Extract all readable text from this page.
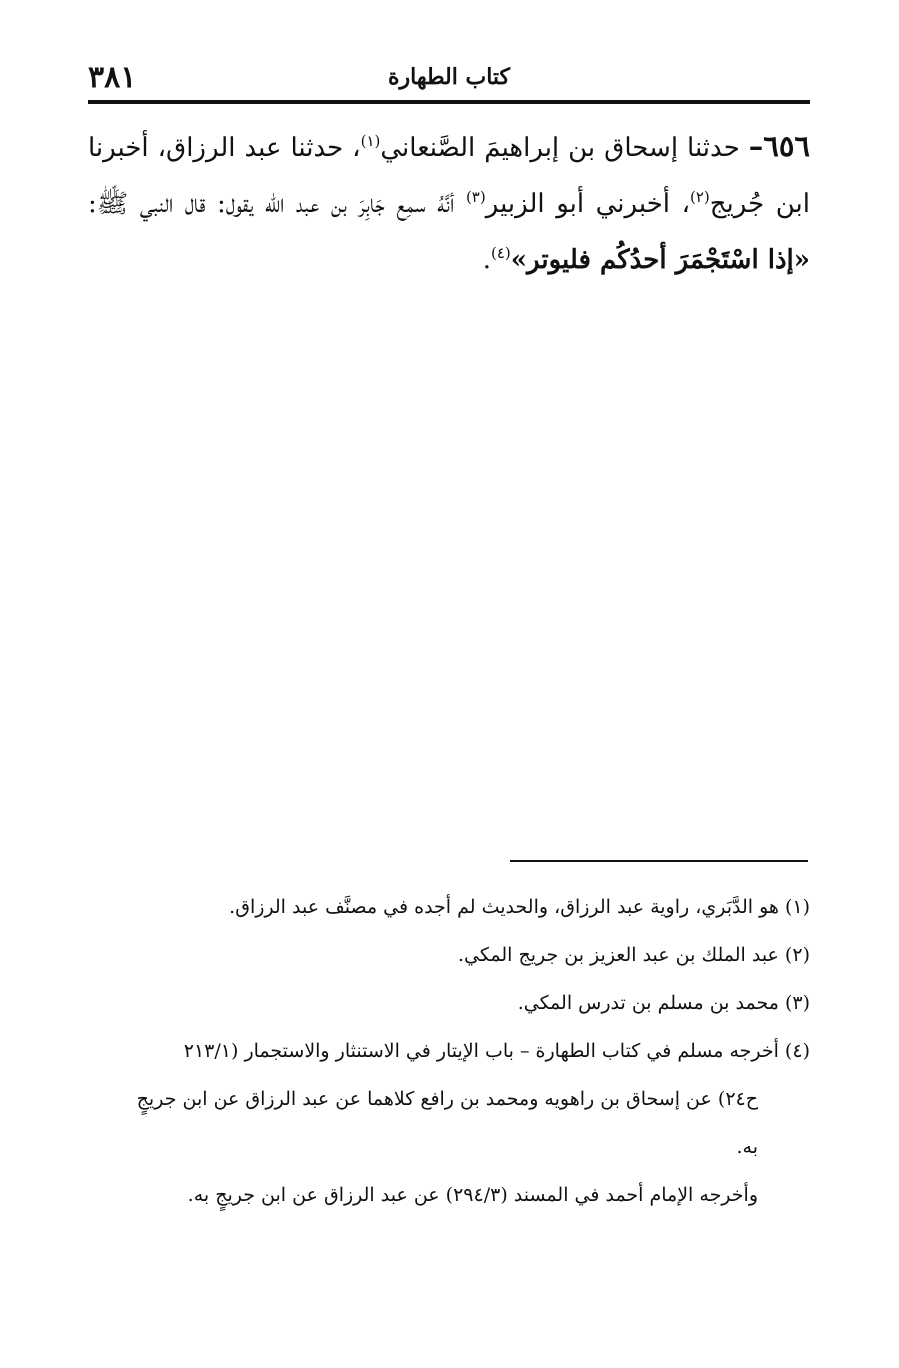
٣٨١	كتاب الطهارة
٦٥٦– حدثنا إسحاق بن إبراهيمَ الصَّنعاني$^{(١)}$، حدثنا عبد الرزاق، أخبرنا ابن جُريج$^{(٢)}$، أخبرني أبو الزبير$^{(٣)}$ أنَّهُ سمِع جَابِرَ بن عبد الله يقول: قال النبي ﷺ: «إذا اسْتَجْمَرَ أحدُكُم فليوتر»$^{(٤)}$.

(١) هو الدَّبَري، راوية عبد الرزاق، والحديث لم أجده في مصنَّف عبد الرزاق.

(٢) عبد الملك بن عبد العزيز بن جريج المكي.

(٣) محمد بن مسلم بن تدرس المكي.

(٤) أخرجه مسلم في كتاب الطهارة – باب الإيتار في الاستنثار والاستجمار (٢١٣/١

ح٢٤) عن إسحاق بن راهويه ومحمد بن رافع كلاهما عن عبد الرزاق عن ابن جريجٍ

به.

وأخرجه الإمام أحمد في المسند (٢٩٤/٣) عن عبد الرزاق عن ابن جريجٍ به.
